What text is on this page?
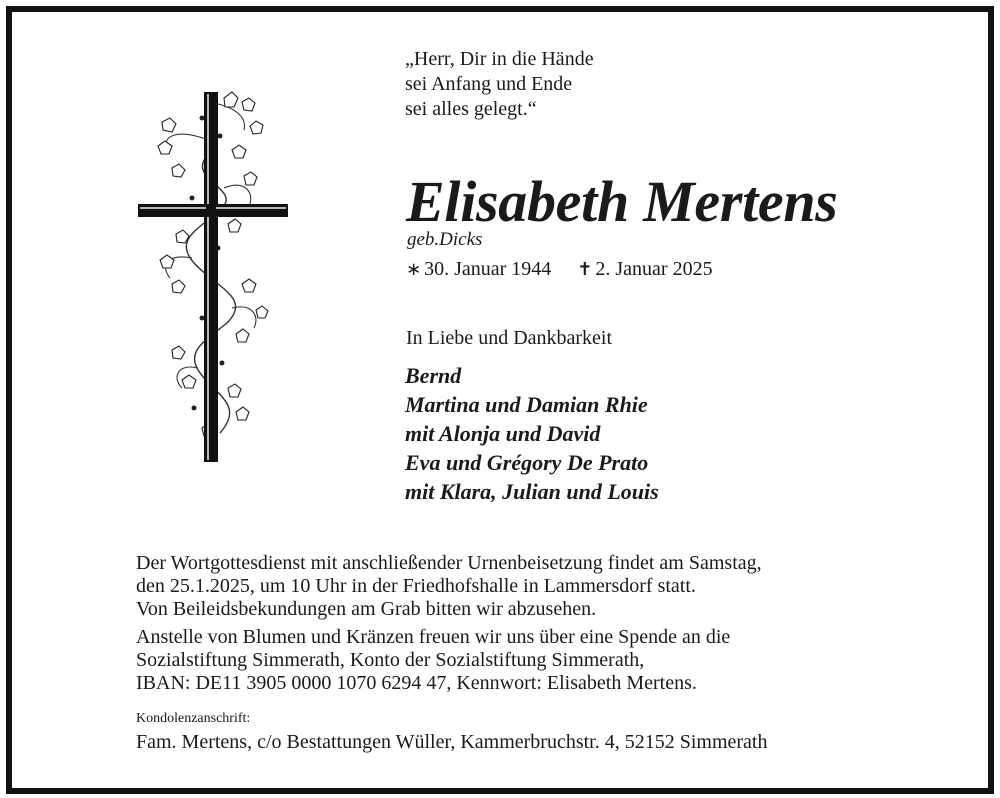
„Herr, Dir in die Hände
sei Anfang und Ende
sei alles gelegt.“
Elisabeth Mertens
geb.Dicks
∗ 30. Januar 1944 ✝ 2. Januar 2025
In Liebe und Dankbarkeit
Bernd
Martina und Damian Rhie
mit Alonja und David
Eva und Grégory De Prato
mit Klara, Julian und Louis
Der Wortgottesdienst mit anschließender Urnenbeisetzung findet am Samstag,
den 25.1.2025, um 10 Uhr in der Friedhofshalle in Lammersdorf statt.
Von Beileidsbekundungen am Grab bitten wir abzusehen.
Anstelle von Blumen und Kränzen freuen wir uns über eine Spende an die
Sozialstiftung Simmerath, Konto der Sozialstiftung Simmerath,
IBAN: DE11 3905 0000 1070 6294 47, Kennwort: Elisabeth Mertens.
Kondolenzanschrift:
Fam. Mertens, c/o Bestattungen Wüller, Kammerbruchstr. 4, 52152 Simmerath
